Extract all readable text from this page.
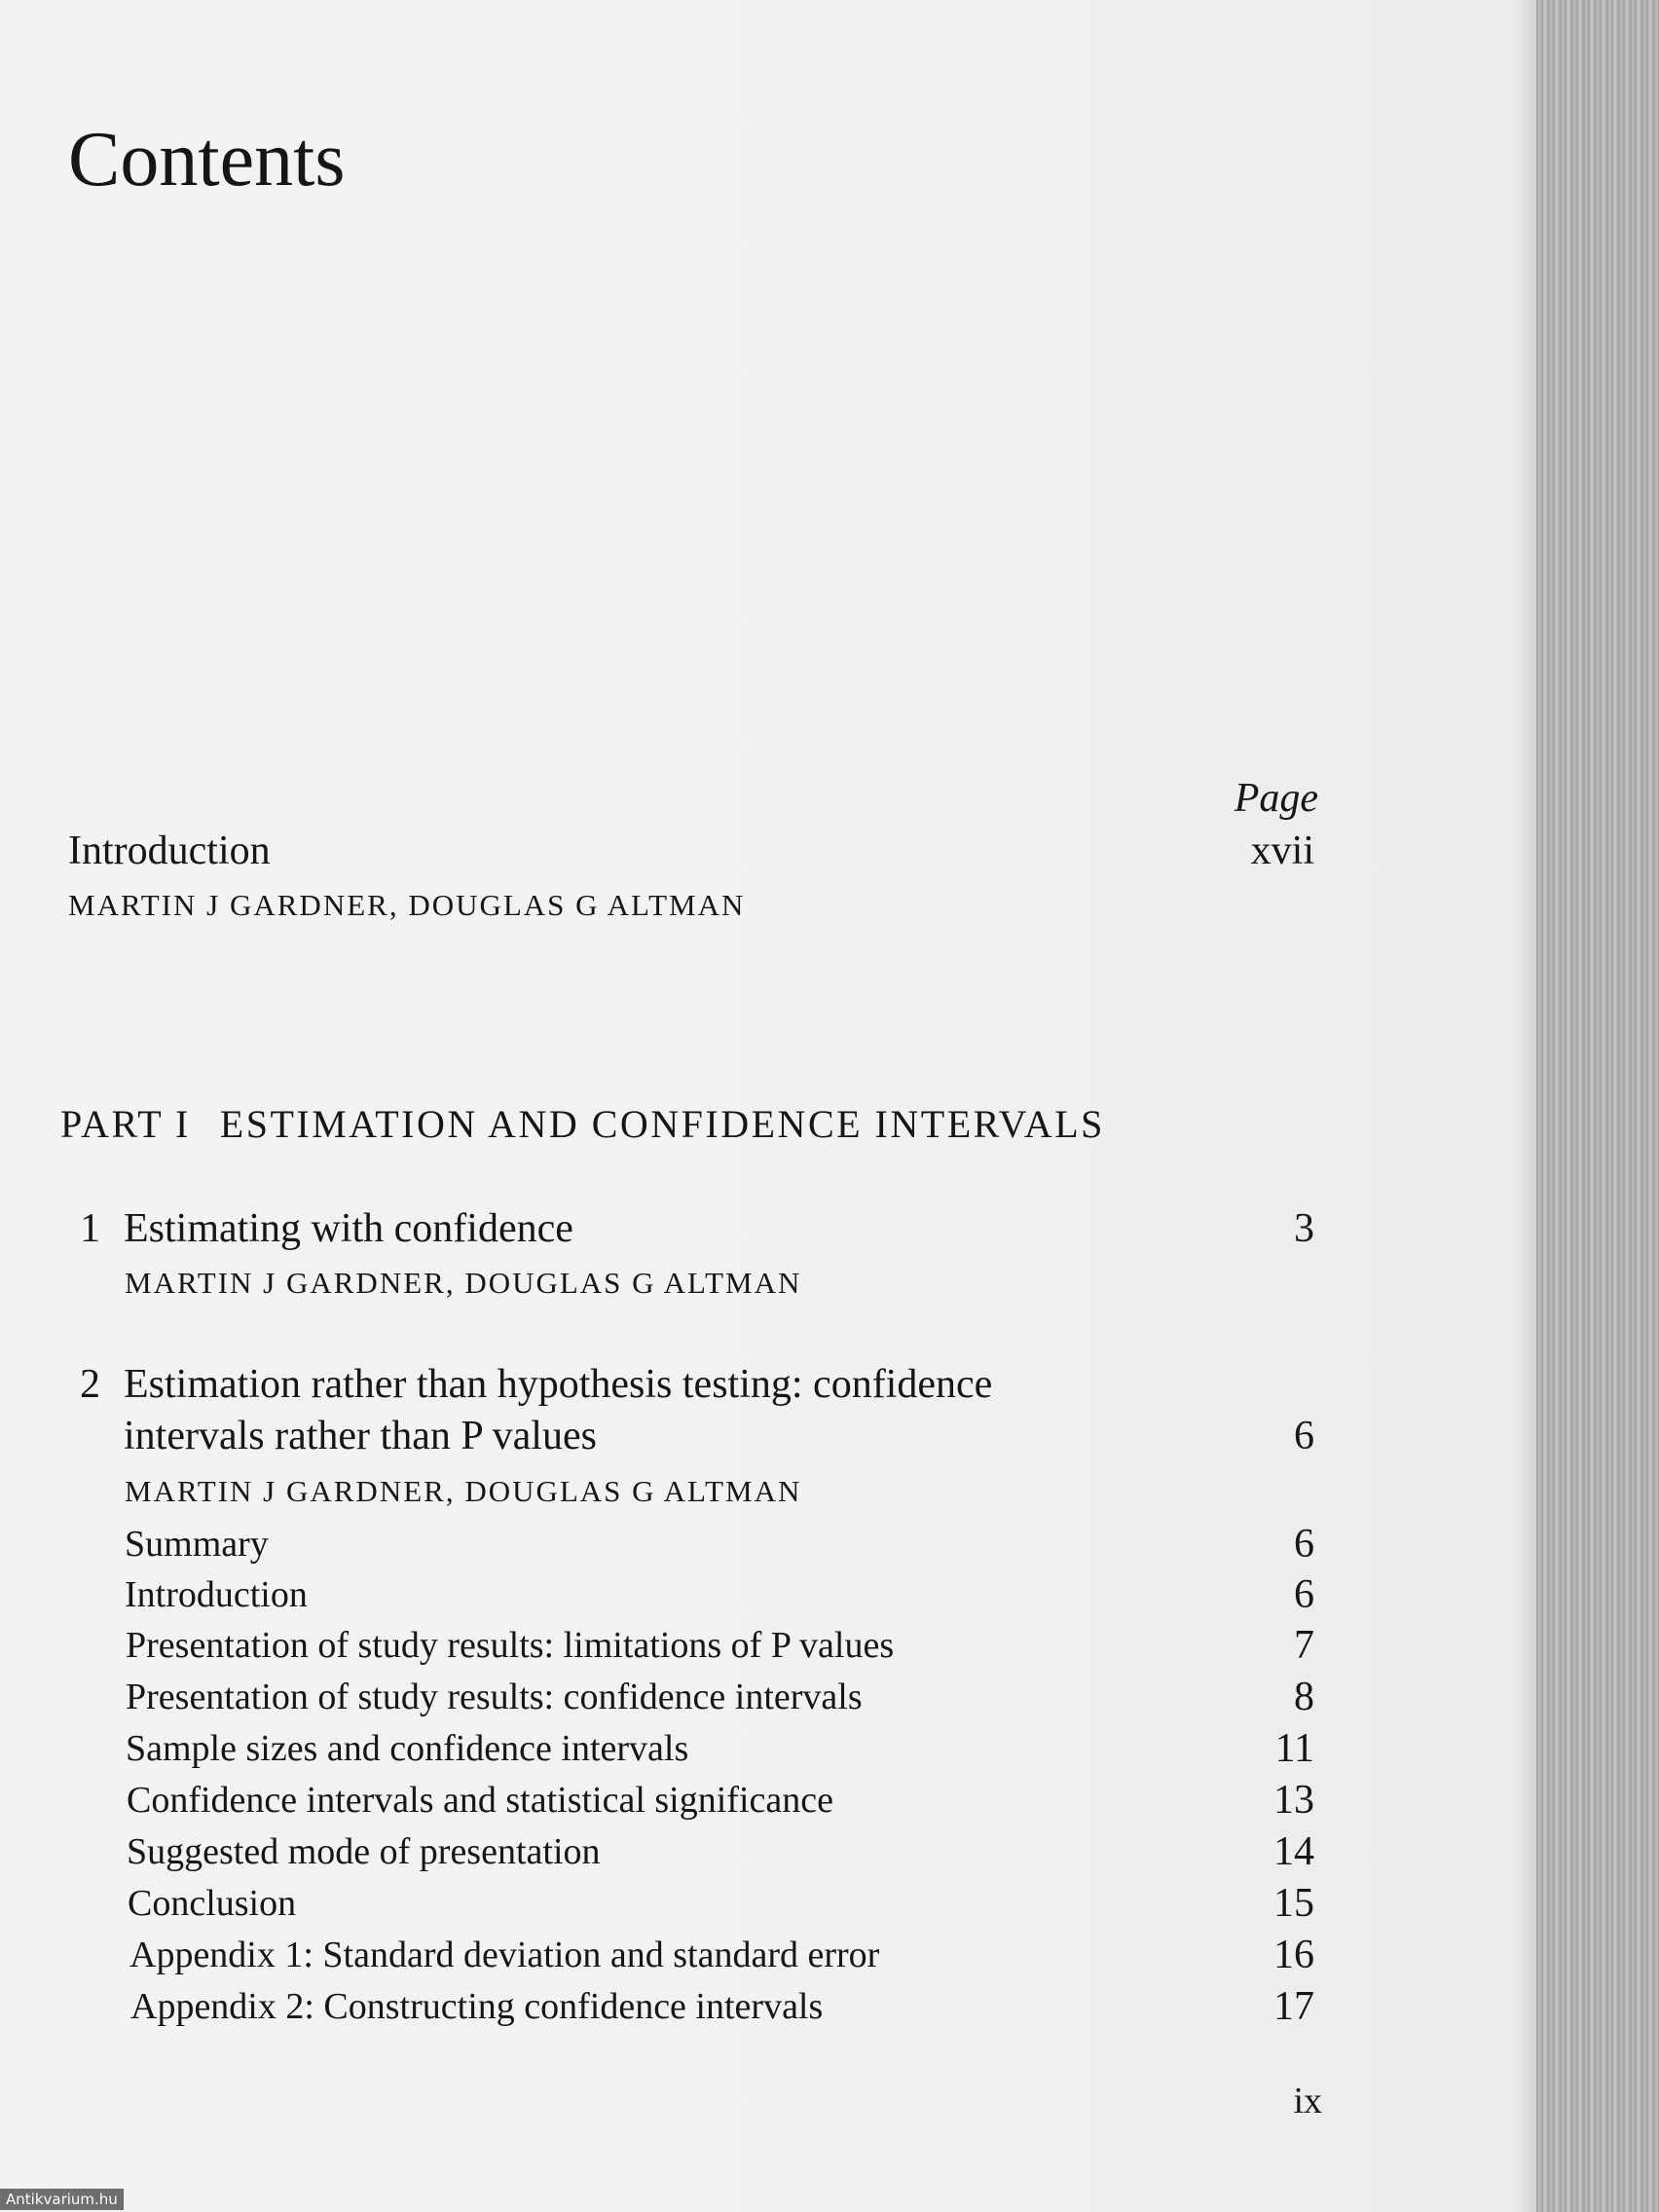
Contents
Page
Introduction	xvii
MARTIN J GARDNER, DOUGLAS G ALTMAN
PART I ESTIMATION AND CONFIDENCE INTERVALS
1 Estimating with confidence	3
MARTIN J GARDNER, DOUGLAS G ALTMAN
2 Estimation rather than hypothesis testing: confidence
intervals rather than P values	6
MARTIN J GARDNER, DOUGLAS G ALTMAN
Summary	6
Introduction	6
Presentation of study results: limitations of P values	7
Presentation of study results: confidence intervals	8
Sample sizes and confidence intervals	11
Confidence intervals and statistical significance	13
Suggested mode of presentation	14
Conclusion	15
Appendix 1: Standard deviation and standard error	16
Appendix 2: Constructing confidence intervals	17
ix
Antikvarium.hu
